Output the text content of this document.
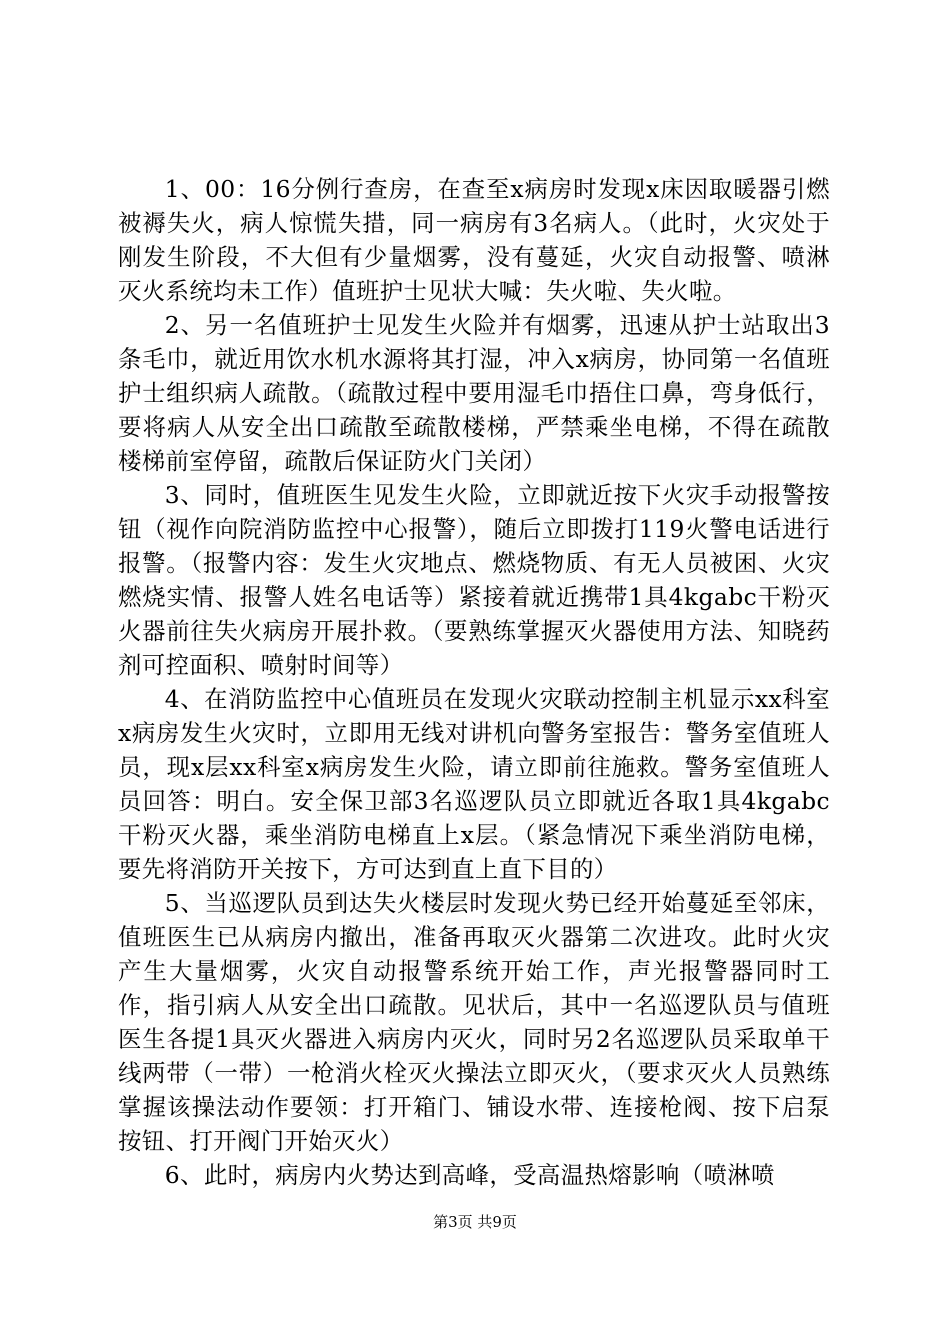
1、00：16分例行查房，在查至x病房时发现x床因取暖器引燃被褥失火，病人惊慌失措，同一病房有3名病人。（此时，火灾处于刚发生阶段，不大但有少量烟雾，没有蔓延，火灾自动报警、喷淋灭火系统均未工作）值班护士见状大喊：失火啦、失火啦。

2、另一名值班护士见发生火险并有烟雾，迅速从护士站取出3条毛巾，就近用饮水机水源将其打湿，冲入x病房，协同第一名值班护士组织病人疏散。（疏散过程中要用湿毛巾捂住口鼻，弯身低行，要将病人从安全出口疏散至疏散楼梯，严禁乘坐电梯，不得在疏散楼梯前室停留，疏散后保证防火门关闭）

3、同时，值班医生见发生火险，立即就近按下火灾手动报警按钮（视作向院消防监控中心报警），随后立即拨打119火警电话进行报警。（报警内容：发生火灾地点、燃烧物质、有无人员被困、火灾燃烧实情、报警人姓名电话等）紧接着就近携带1具4kgabc干粉灭火器前往失火病房开展扑救。（要熟练掌握灭火器使用方法、知晓药剂可控面积、喷射时间等）

4、在消防监控中心值班员在发现火灾联动控制主机显示xx科室x病房发生火灾时，立即用无线对讲机向警务室报告：警务室值班人员，现x层xx科室x病房发生火险，请立即前往施救。警务室值班人员回答：明白。安全保卫部3名巡逻队员立即就近各取1具4kgabc干粉灭火器，乘坐消防电梯直上x层。（紧急情况下乘坐消防电梯，要先将消防开关按下，方可达到直上直下目的）

5、当巡逻队员到达失火楼层时发现火势已经开始蔓延至邻床，值班医生已从病房内撤出，准备再取灭火器第二次进攻。此时火灾产生大量烟雾，火灾自动报警系统开始工作，声光报警器同时工作，指引病人从安全出口疏散。见状后，其中一名巡逻队员与值班医生各提1具灭火器进入病房内灭火，同时另2名巡逻队员采取单干线两带（一带）一枪消火栓灭火操法立即灭火，（要求灭火人员熟练掌握该操法动作要领：打开箱门、铺设水带、连接枪阀、按下启泵按钮、打开阀门开始灭火）

6、此时，病房内火势达到高峰，受高温热熔影响（喷淋喷

第3页 共9页
